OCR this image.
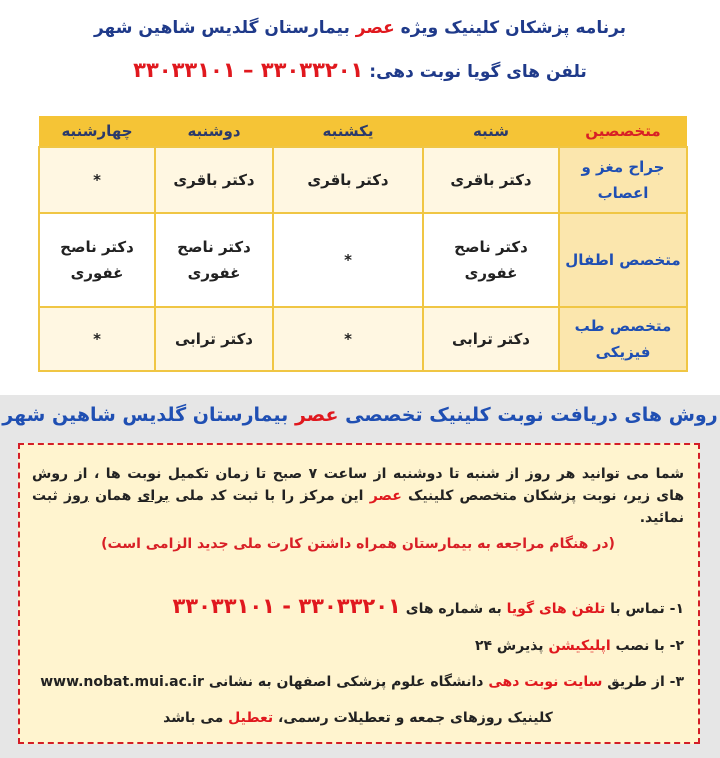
برنامه پزشکان کلینیک ویژه عصر بیمارستان گلدیس شاهین شهر
تلفن های گویا نوبت دهی: ۳۳۰۳۳۲۰۱ – ۳۳۰۳۳۱۰۱
متخصصین	شنبه	یکشنبه	دوشنبه	چهارشنبه
جراح مغز و اعصاب	دکتر باقری	دکتر باقری	دکتر باقری	*
متخصص اطفال	دکتر ناصح غفوری	*	دکتر ناصح غفوری	دکتر ناصح غفوری
متخصص طب فیزیکی	دکتر ترابی	*	دکتر ترابی	*
روش های دریافت نوبت کلینیک تخصصی عصر بیمارستان گلدیس شاهین شهر
شما می توانید هر روز از شنبه تا دوشنبه از ساعت ۷ صبح تا زمان تکمیل نوبت ها ، از روش های زیر، نوبت پزشکان متخصص کلینیک عصر این مرکز را با ثبت کد ملی برای همان روز ثبت نمائید.
(در هنگام مراجعه به بیمارستان همراه داشتن کارت ملی جدید الزامی است)
۱- تماس با تلفن های گویا به شماره های ۳۳۰۳۳۲۰۱ - ۳۳۰۳۳۱۰۱
۲- با نصب اپلیکیشن پذیرش ۲۴
۳- از طریق سایت نوبت دهی دانشگاه علوم پزشکی اصفهان به نشانی www.nobat.mui.ac.ir
کلینیک روزهای جمعه و تعطیلات رسمی، تعطیل می باشد
